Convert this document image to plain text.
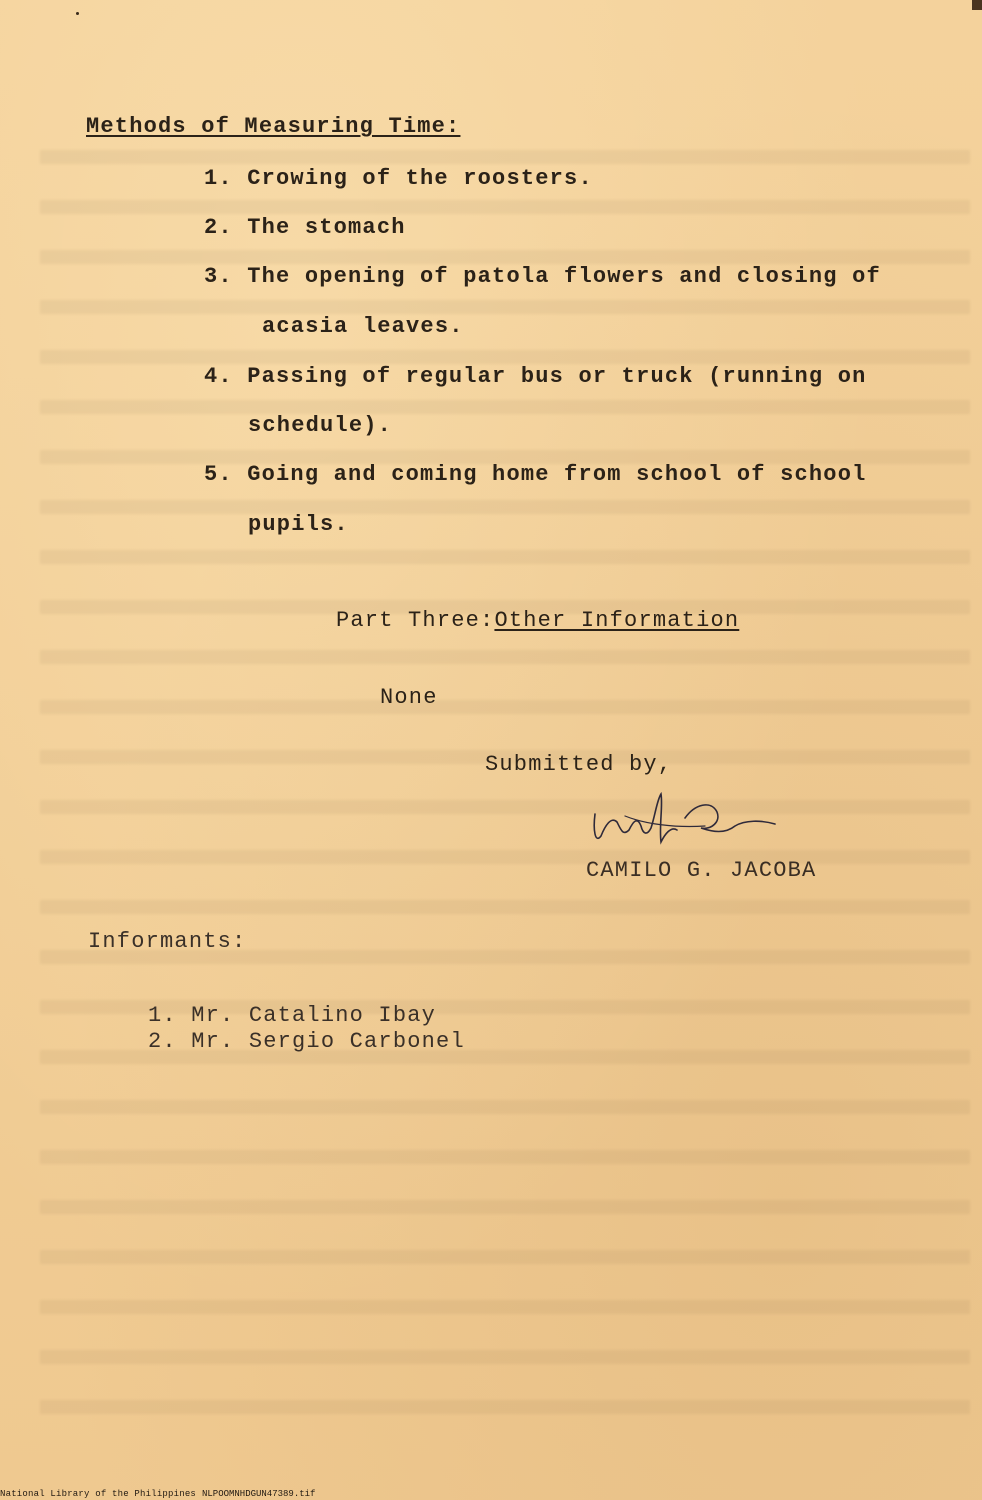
Methods of Measuring Time:
1. Crowing of the roosters.
2. The stomach
3. The opening of patola flowers and closing of
acasia leaves.
4. Passing of regular bus or truck (running on
schedule).
5. Going and coming home from school of school
pupils.
Part Three:Other Information
None
Submitted by,
CAMILO G. JACOBA
Informants:
1. Mr. Catalino Ibay
2. Mr. Sergio Carbonel
National Library of the Philippines NLPOOMNHDGUN47389.tif
